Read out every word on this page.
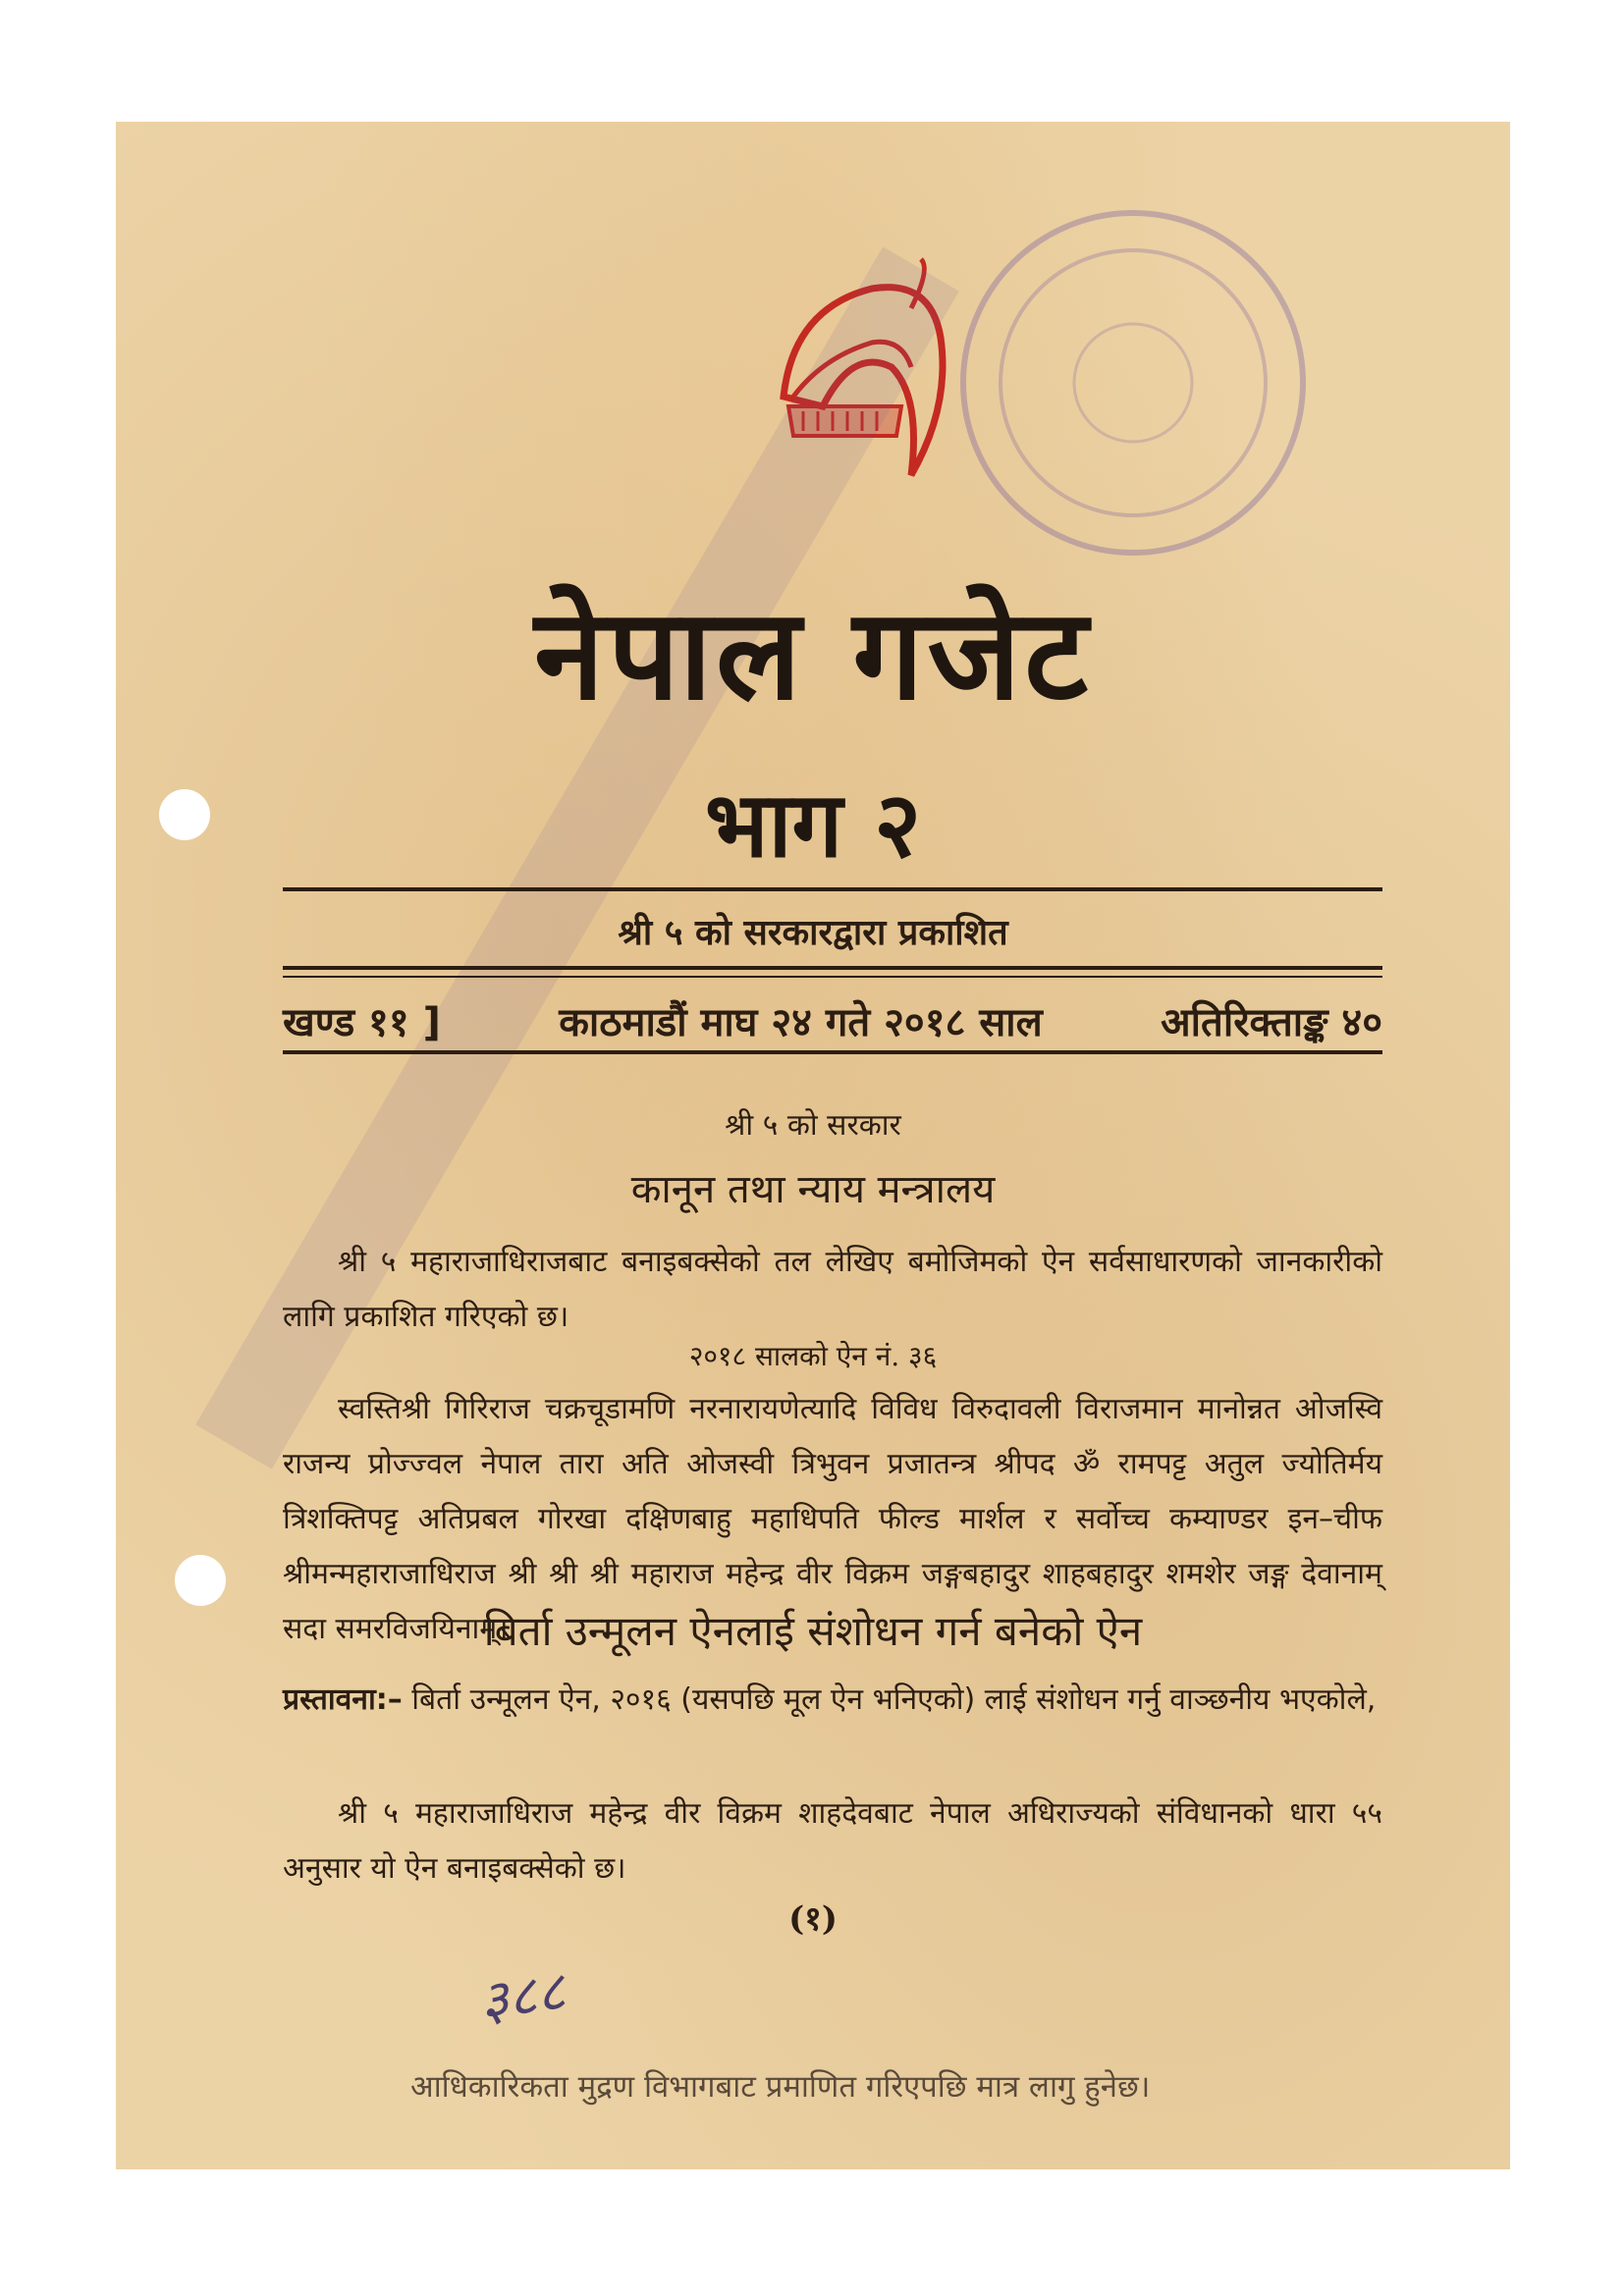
नेपाल गजेट
भाग २
श्री ५ को सरकारद्वारा प्रकाशित
खण्ड ११ ]	काठमाडौं माघ २४ गते २०१८ साल	अतिरिक्ताङ्क ४०
श्री ५ को सरकार
कानून तथा न्याय मन्त्रालय
श्री ५ महाराजाधिराजबाट बनाइबक्सेको तल लेखिए बमोजिमको ऐन सर्वसाधारणको जानकारीको लागि प्रकाशित गरिएको छ।
२०१८ सालको ऐन नं. ३६
स्वस्तिश्री गिरिराज चक्रचूडामणि नरनारायणेत्यादि विविध विरुदावली विराजमान मानोन्नत ओजस्वि राजन्य प्रोज्ज्वल नेपाल तारा अति ओजस्वी त्रिभुवन प्रजातन्त्र श्रीपद ॐ रामपट्ट अतुल ज्योतिर्मय त्रिशक्तिपट्ट अतिप्रबल गोरखा दक्षिणबाहु महाधिपति फील्ड मार्शल र सर्वोच्च कम्याण्डर इन–चीफ श्रीमन्महाराजाधिराज श्री श्री श्री महाराज महेन्द्र वीर विक्रम जङ्गबहादुर शाहबहादुर शमशेर जङ्ग देवानाम् सदा समरविजयिनाम्।
बिर्ता उन्मूलन ऐनलाई संशोधन गर्न बनेको ऐन
प्रस्तावना:– बिर्ता उन्मूलन ऐन, २०१६ (यसपछि मूल ऐन भनिएको) लाई संशोधन गर्नु वाञ्छनीय भएकोले,
श्री ५ महाराजाधिराज महेन्द्र वीर विक्रम शाहदेवबाट नेपाल अधिराज्यको संविधानको धारा ५५ अनुसार यो ऐन बनाइबक्सेको छ।
(१)
३८८
आधिकारिकता मुद्रण विभागबाट प्रमाणित गरिएपछि मात्र लागु हुनेछ।
